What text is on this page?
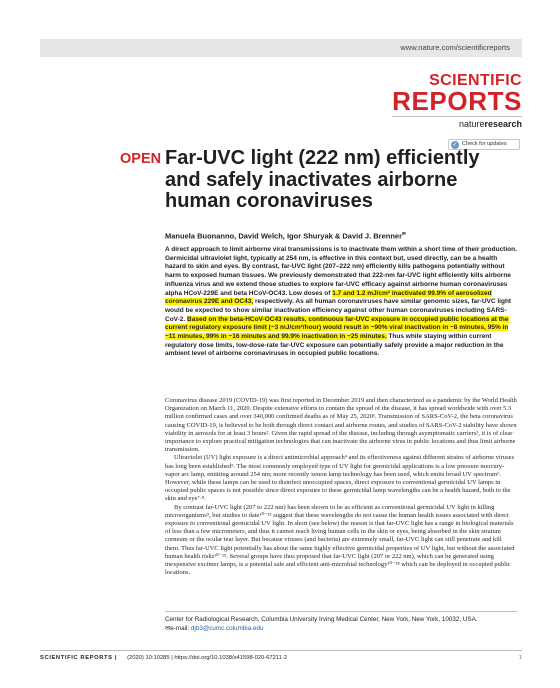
www.nature.com/scientificreports
SCIENTIFIC
REPORTS
natureresearch
✓ Check for updates
OPEN Far-UVC light (222 nm) efficiently and safely inactivates airborne human coronaviruses
Manuela Buonanno, David Welch, Igor Shuryak & David J. Brenner✉

A direct approach to limit airborne viral transmissions is to inactivate them within a short time of their production. Germicidal ultraviolet light, typically at 254 nm, is effective in this context but, used directly, can be a health hazard to skin and eyes. By contrast, far-UVC light (207–222 nm) efficiently kills pathogens potentially without harm to exposed human tissues. We previously demonstrated that 222-nm far-UVC light efficiently kills airborne influenza virus and we extend those studies to explore far-UVC efficacy against airborne human coronaviruses alpha HCoV-229E and beta HCoV-OC43. Low doses of 1.7 and 1.2 mJ/cm² inactivated 99.9% of aerosolized coronavirus 229E and OC43, respectively. As all human coronaviruses have similar genomic sizes, far-UVC light would be expected to show similar inactivation efficiency against other human coronaviruses including SARS-CoV-2. Based on the beta-HCoV-OC43 results, continuous far-UVC exposure in occupied public locations at the current regulatory exposure limit (~3 mJ/cm²/hour) would result in ~90% viral inactivation in ~8 minutes, 95% in ~11 minutes, 99% in ~16 minutes and 99.9% inactivation in ~25 minutes. Thus while staying within current regulatory dose limits, low-dose-rate far-UVC exposure can potentially safely provide a major reduction in the ambient level of airborne coronaviruses in occupied public locations.

Coronavirus disease 2019 (COVID-19) was first reported in December 2019 and then characterized as a pandemic by the World Health Organization on March 11, 2020. Despite extensive efforts to contain the spread of the disease, it has spread worldwide with over 5.3 million confirmed cases and over 340,000 confirmed deaths as of May 25, 2020¹. Transmission of SARS-CoV-2, the beta coronavirus causing COVID-19, is believed to be both through direct contact and airborne routes, and studies of SARS-CoV-2 stability have shown viability in aerosols for at least 3 hours². Given the rapid spread of the disease, including through asymptomatic carriers³, it is of clear importance to explore practical mitigation technologies that can inactivate the airborne virus in public locations and thus limit airborne transmission.

Ultraviolet (UV) light exposure is a direct antimicrobial approach⁴ and its effectiveness against different strains of airborne viruses has long been established⁵. The most commonly employed type of UV light for germicidal applications is a low pressure mercury-vapor arc lamp, emitting around 254 nm; more recently xenon lamp technology has been used, which emits broad UV spectrum⁶. However, while these lamps can be used to disinfect unoccupied spaces, direct exposure to conventional germicidal UV lamps in occupied public spaces is not possible since direct exposure to these germicidal lamp wavelengths can be a health hazard, both to the skin and eye⁷·⁸.

By contrast far-UVC light (207 to 222 nm) has been shown to be as efficient as conventional germicidal UV light in killing microorganisms⁹, but studies to date¹⁰⁻¹⁵ suggest that these wavelengths do not cause the human health issues associated with direct exposure to conventional germicidal UV light. In short (see below) the reason is that far-UVC light has a range in biological materials of less than a few micrometers, and thus it cannot reach living human cells in the skin or eyes, being absorbed in the skin stratum corneum or the ocular tear layer. But because viruses (and bacteria) are extremely small, far-UVC light can still penetrate and kill them. Thus far-UVC light potentially has about the same highly effective germicidal properties of UV light, but without the associated human health risks¹⁰⁻¹⁵. Several groups have thus proposed that far-UVC light (207 or 222 nm), which can be generated using inexpensive excimer lamps, is a potential safe and efficient anti-microbial technology¹⁰⁻¹⁸ which can be deployed in occupied public locations.

Center for Radiological Research, Columbia University Irving Medical Center, New York, New York, 10032, USA.
✉e-mail: djb3@cumc.columbia.edu
SCIENTIFIC REPORTS | (2020) 10:10285 | https://doi.org/10.1038/s41598-020-67211-2	1
